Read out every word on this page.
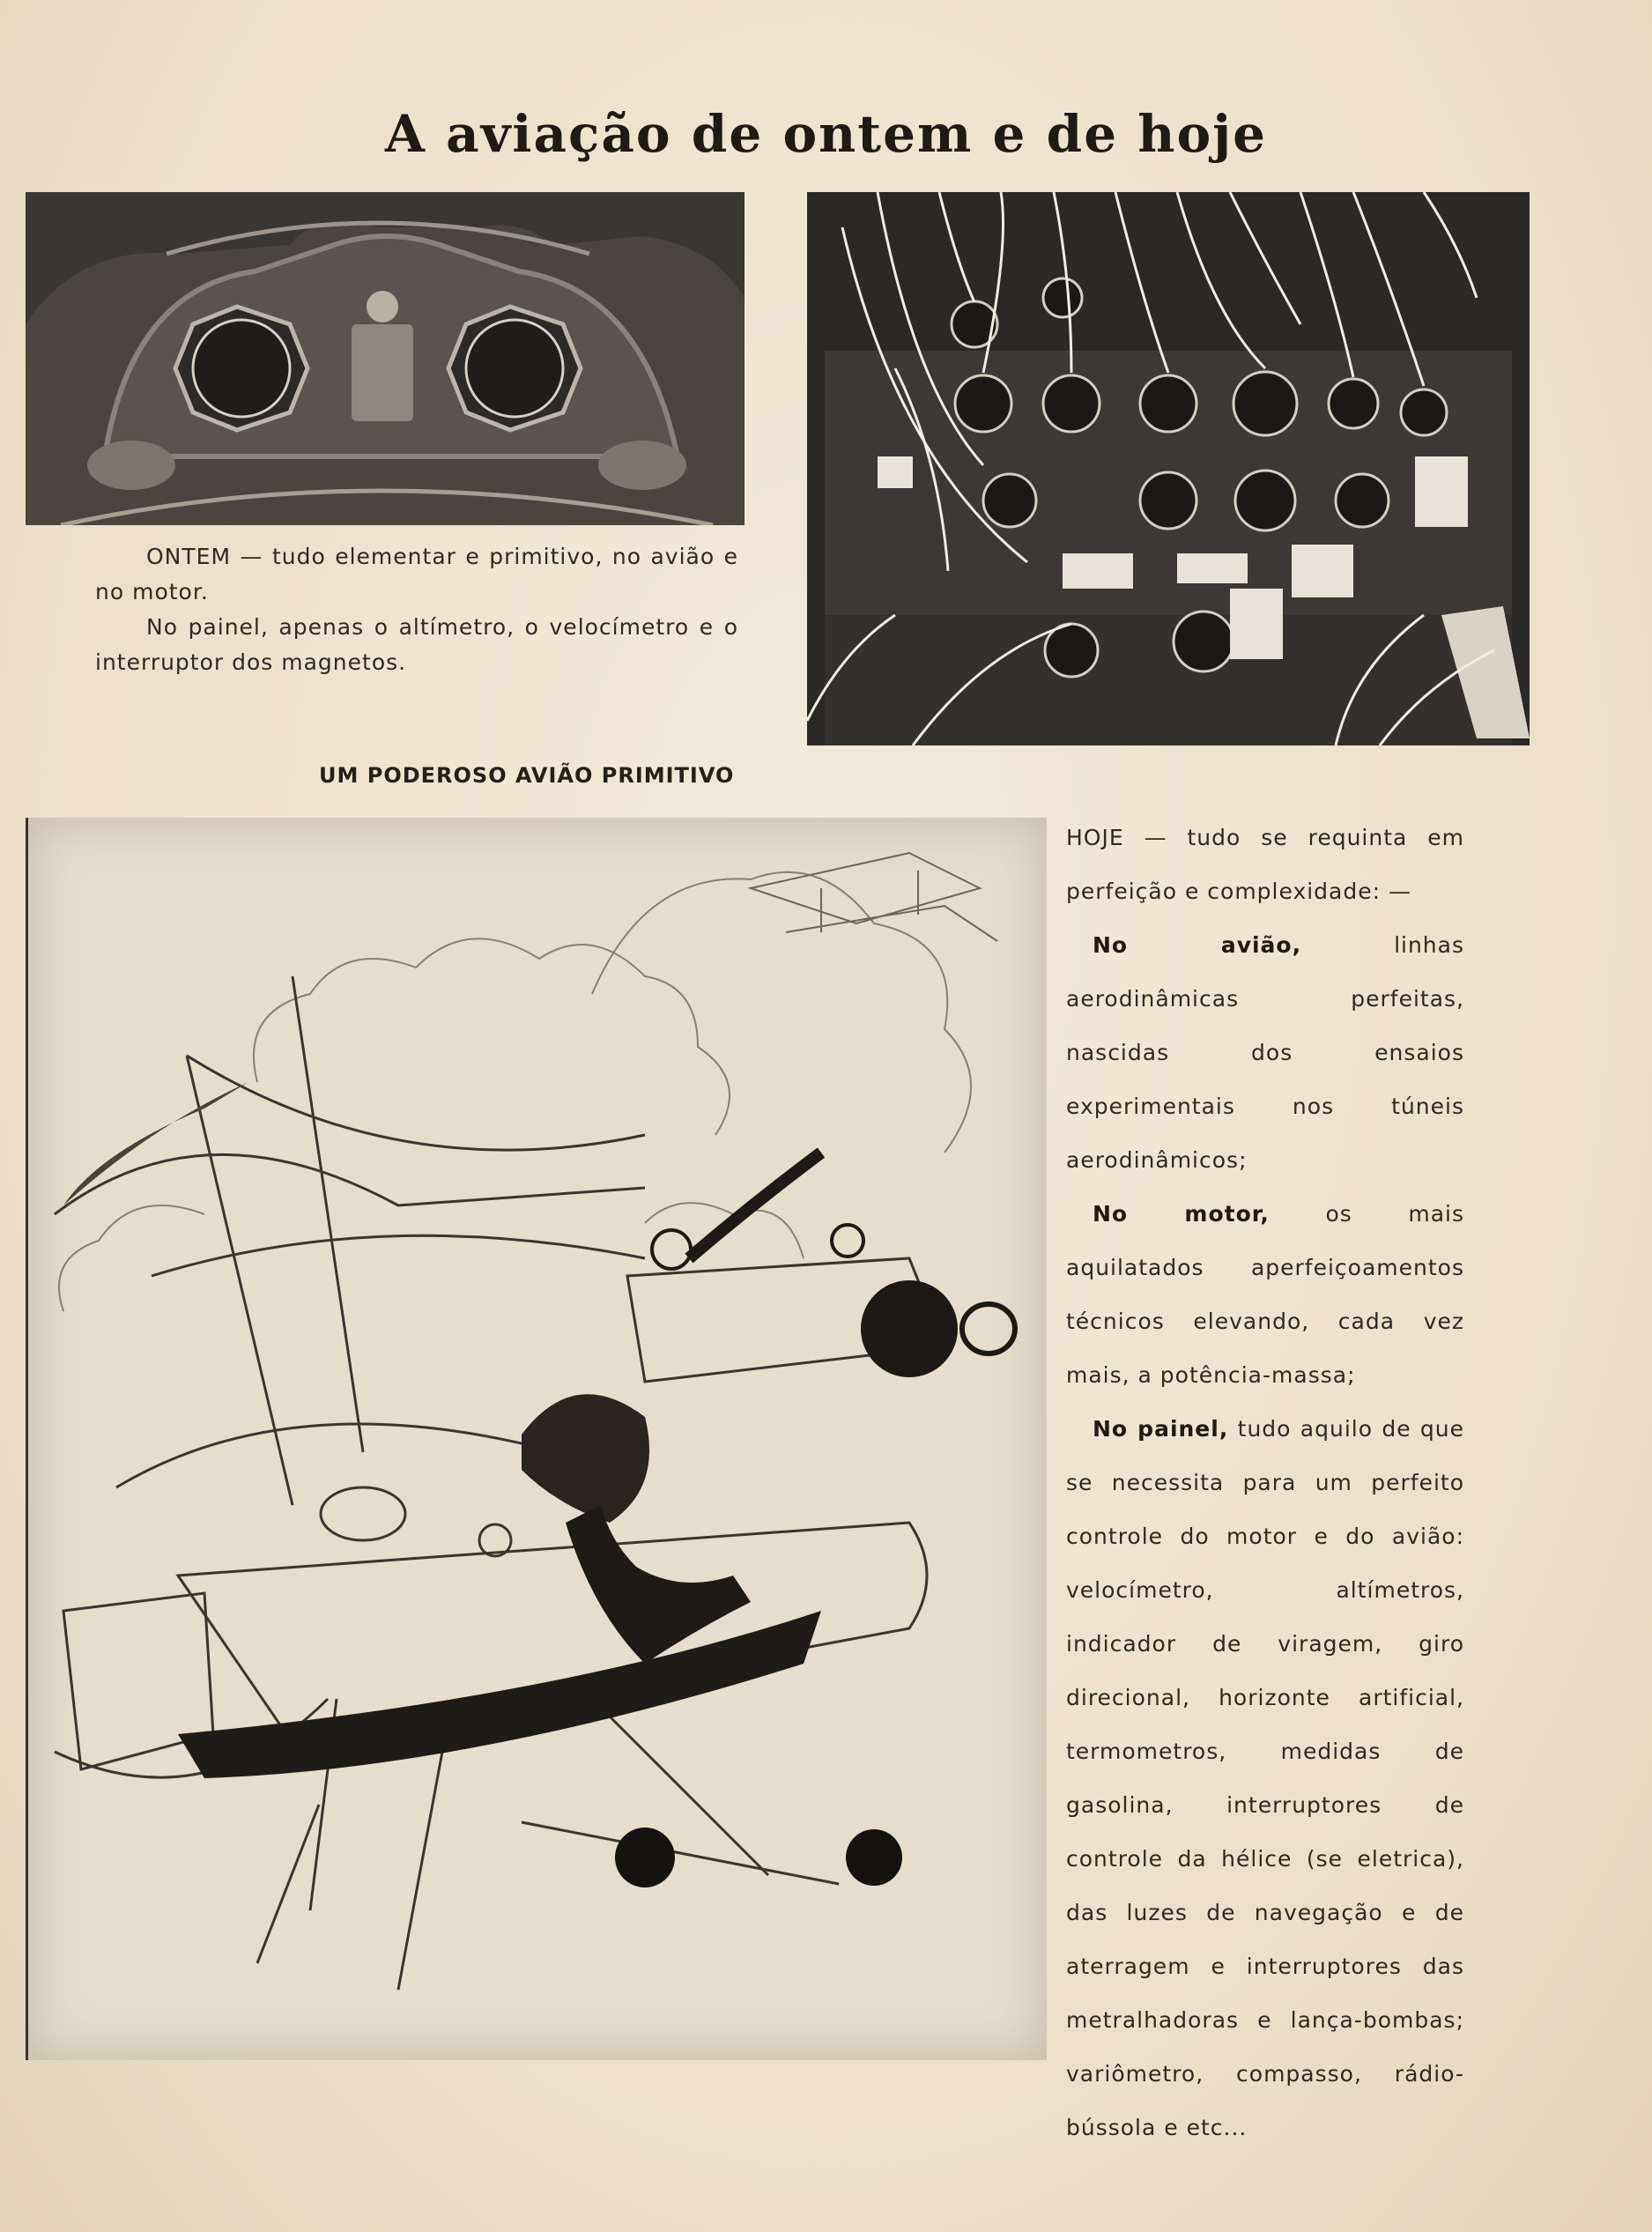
A aviação de ontem e de hoje

ONTEM — tudo elementar e primitivo, no avião e no motor.

No painel, apenas o altímetro, o velocímetro e o interruptor dos magnetos.

UM PODEROSO AVIÃO PRIMITIVO

HOJE — tudo se requinta em perfeição e complexidade: —

No avião, linhas aerodinâmicas perfeitas, nascidas dos ensaios experimentais nos túneis aerodinâmicos;

No motor, os mais aquilatados aperfeiçoamentos técnicos elevando, cada vez mais, a potência-massa;

No painel, tudo aquilo de que se necessita para um perfeito controle do motor e do avião: velocímetro, altímetros, indicador de viragem, giro direcional, horizonte artificial, termometros, medidas de gasolina, interruptores de controle da hélice (se eletrica), das luzes de navegação e de aterragem e interruptores das metralhadoras e lança-bombas; variômetro, compasso, rádio-bússola e etc...
